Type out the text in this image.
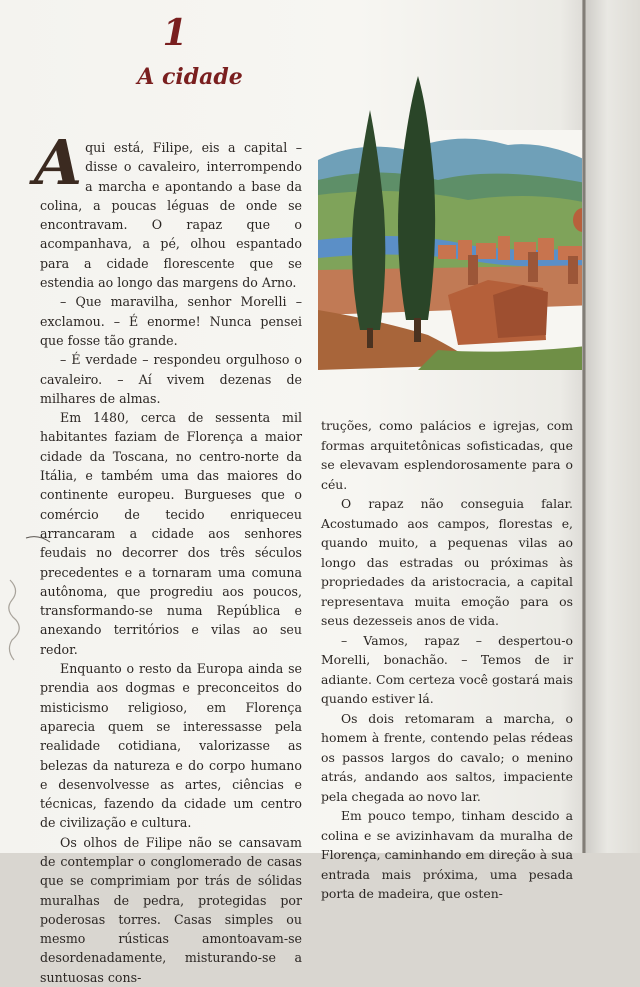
1
A cidade

Aqui está, Filipe, eis a capital – disse o cavaleiro, interrompendo a marcha e apontando a base da colina, a poucas léguas de onde se encontravam. O rapaz que o acompanhava, a pé, olhou espantado para a cidade florescente que se estendia ao longo das margens do Arno.

– Que maravilha, senhor Morelli – exclamou. – É enorme! Nunca pensei que fosse tão grande.

– É verdade – respondeu orgulhoso o cavaleiro. – Aí vivem dezenas de milhares de almas.

Em 1480, cerca de sessenta mil habitantes faziam de Florença a maior cidade da Toscana, no centro-norte da Itália, e também uma das maiores do continente europeu. Burgueses que o comércio de tecido enriqueceu arrancaram a cidade aos senhores feudais no decorrer dos três séculos precedentes e a tornaram uma comuna autônoma, que progrediu aos poucos, transformando-se numa República e anexando territórios e vilas ao seu redor.

Enquanto o resto da Europa ainda se prendia aos dogmas e preconceitos do misticismo religioso, em Florença aparecia quem se interessasse pela realidade cotidiana, valorizasse as belezas da natureza e do corpo humano e desenvolvesse as artes, ciências e técnicas, fazendo da cidade um centro de civilização e cultura.

Os olhos de Filipe não se cansavam de contemplar o conglomerado de casas que se comprimiam por trás de sólidas muralhas de pedra, protegidas por poderosas torres. Casas simples ou mesmo rústicas amontoavam-se desordenadamente, misturando-se a suntuosas cons-

truções, como palácios e igrejas, com formas arquitetônicas sofisticadas, que se elevavam esplendorosamente para o céu.

O rapaz não conseguia falar. Acostumado aos campos, florestas e, quando muito, a pequenas vilas ao longo das estradas ou próximas às propriedades da aristocracia, a capital representava muita emoção para os seus dezesseis anos de vida.

– Vamos, rapaz – despertou-o Morelli, bonachão. – Temos de ir adiante. Com certeza você gostará mais quando estiver lá.

Os dois retomaram a marcha, o homem à frente, contendo pelas rédeas os passos largos do cavalo; o menino atrás, andando aos saltos, impaciente pela chegada ao novo lar.

Em pouco tempo, tinham descido a colina e se avizinhavam da muralha de Florença, caminhando em direção à sua entrada mais próxima, uma pesada porta de madeira, que osten-
